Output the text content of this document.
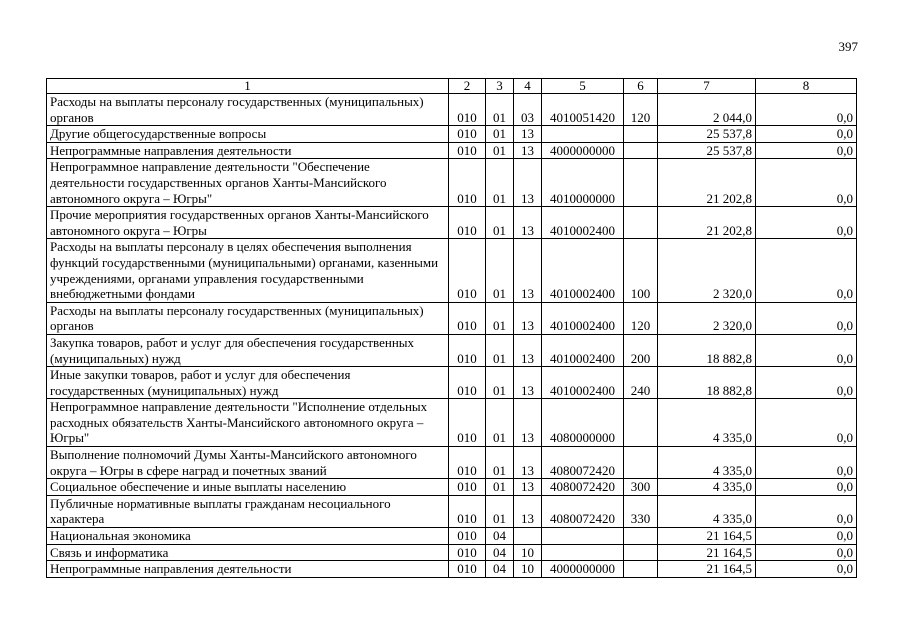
397
1	2	3	4	5	6	7	8
Расходы на выплаты персоналу государственных (муниципальных) органов	010	01	03	4010051420	120	2 044,0	0,0
Другие общегосударственные вопросы	010	01	13			25 537,8	0,0
Непрограммные направления деятельности	010	01	13	4000000000		25 537,8	0,0
Непрограммное направление деятельности "Обеспечение деятельности государственных органов Ханты-Мансийского автономного округа – Югры"	010	01	13	4010000000		21 202,8	0,0
Прочие мероприятия государственных органов Ханты-Мансийского автономного округа – Югры	010	01	13	4010002400		21 202,8	0,0
Расходы на выплаты персоналу в целях обеспечения выполнения функций государственными (муниципальными) органами, казенными учреждениями, органами управления государственными внебюджетными фондами	010	01	13	4010002400	100	2 320,0	0,0
Расходы на выплаты персоналу государственных (муниципальных) органов	010	01	13	4010002400	120	2 320,0	0,0
Закупка товаров, работ и услуг для обеспечения государственных (муниципальных) нужд	010	01	13	4010002400	200	18 882,8	0,0
Иные закупки товаров, работ и услуг для обеспечения государственных (муниципальных) нужд	010	01	13	4010002400	240	18 882,8	0,0
Непрограммное направление деятельности "Исполнение отдельных расходных обязательств Ханты-Мансийского автономного округа – Югры"	010	01	13	4080000000		4 335,0	0,0
Выполнение полномочий Думы Ханты-Мансийского автономного округа – Югры в сфере наград и почетных званий	010	01	13	4080072420		4 335,0	0,0
Социальное обеспечение и иные выплаты населению	010	01	13	4080072420	300	4 335,0	0,0
Публичные нормативные выплаты гражданам несоциального характера	010	01	13	4080072420	330	4 335,0	0,0
Национальная экономика	010	04				21 164,5	0,0
Связь и информатика	010	04	10			21 164,5	0,0
Непрограммные направления деятельности	010	04	10	4000000000		21 164,5	0,0
